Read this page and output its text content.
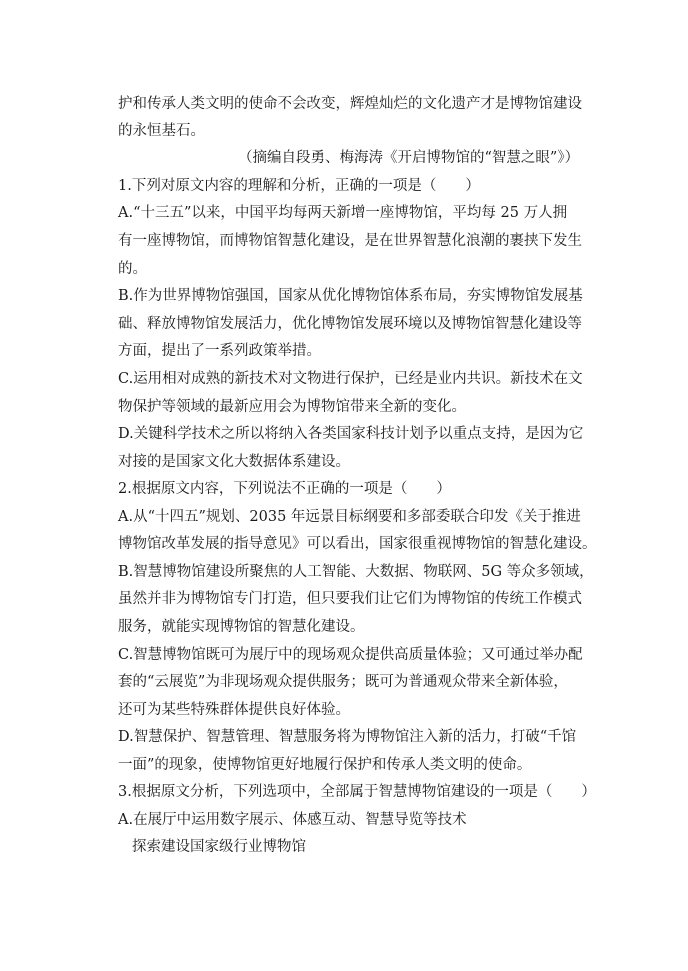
护和传承人类文明的使命不会改变，辉煌灿烂的文化遗产才是博物馆建设
的永恒基石。
（摘编自段勇、梅海涛《开启博物馆的“智慧之眼”》）
1.下列对原文内容的理解和分析，正确的一项是（　　）
A.“十三五”以来，中国平均每两天新增一座博物馆，平均每 25 万人拥
有一座博物馆，而博物馆智慧化建设，是在世界智慧化浪潮的裹挟下发生
的。
B.作为世界博物馆强国，国家从优化博物馆体系布局，夯实博物馆发展基
础、释放博物馆发展活力，优化博物馆发展环境以及博物馆智慧化建设等
方面，提出了一系列政策举措。
C.运用相对成熟的新技术对文物进行保护，已经是业内共识。新技术在文
物保护等领域的最新应用会为博物馆带来全新的变化。
D.关键科学技术之所以将纳入各类国家科技计划予以重点支持，是因为它
对接的是国家文化大数据体系建设。
2.根据原文内容，下列说法不正确的一项是（　　）
A.从“十四五”规划、2035 年远景目标纲要和多部委联合印发《关于推进
博物馆改革发展的指导意见》可以看出，国家很重视博物馆的智慧化建设。
B.智慧博物馆建设所聚焦的人工智能、大数据、物联网、5G 等众多领域，
虽然并非为博物馆专门打造，但只要我们让它们为博物馆的传统工作模式
服务，就能实现博物馆的智慧化建设。
C.智慧博物馆既可为展厅中的现场观众提供高质量体验；又可通过举办配
套的“云展览”为非现场观众提供服务；既可为普通观众带来全新体验，
还可为某些特殊群体提供良好体验。
D.智慧保护、智慧管理、智慧服务将为博物馆注入新的活力，打破“千馆
一面”的现象，使博物馆更好地履行保护和传承人类文明的使命。
3.根据原文分析，下列选项中，全部属于智慧博物馆建设的一项是（　　）
A.在展厅中运用数字展示、体感互动、智慧导览等技术
探索建设国家级行业博物馆
